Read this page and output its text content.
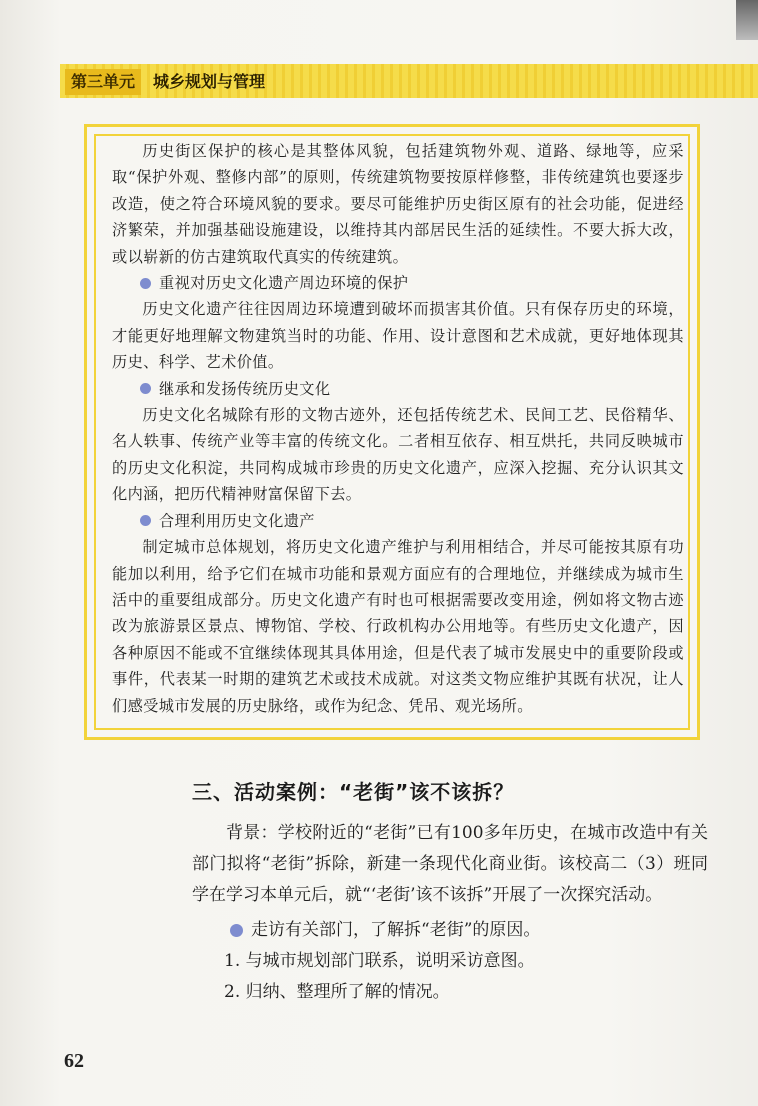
第三单元	城乡规划与管理

历史街区保护的核心是其整体风貌，包括建筑物外观、道路、绿地等，应采取“保护外观、整修内部”的原则，传统建筑物要按原样修整，非传统建筑也要逐步改造，使之符合环境风貌的要求。要尽可能维护历史街区原有的社会功能，促进经济繁荣，并加强基础设施建设，以维持其内部居民生活的延续性。不要大拆大改，或以崭新的仿古建筑取代真实的传统建筑。

重视对历史文化遗产周边环境的保护

历史文化遗产往往因周边环境遭到破坏而损害其价值。只有保存历史的环境，才能更好地理解文物建筑当时的功能、作用、设计意图和艺术成就，更好地体现其历史、科学、艺术价值。

继承和发扬传统历史文化

历史文化名城除有形的文物古迹外，还包括传统艺术、民间工艺、民俗精华、名人轶事、传统产业等丰富的传统文化。二者相互依存、相互烘托，共同反映城市的历史文化积淀，共同构成城市珍贵的历史文化遗产，应深入挖掘、充分认识其文化内涵，把历代精神财富保留下去。

合理利用历史文化遗产

制定城市总体规划，将历史文化遗产维护与利用相结合，并尽可能按其原有功能加以利用，给予它们在城市功能和景观方面应有的合理地位，并继续成为城市生活中的重要组成部分。历史文化遗产有时也可根据需要改变用途，例如将文物古迹改为旅游景区景点、博物馆、学校、行政机构办公用地等。有些历史文化遗产，因各种原因不能或不宜继续体现其具体用途，但是代表了城市发展史中的重要阶段或事件，代表某一时期的建筑艺术或技术成就。对这类文物应维护其既有状况，让人们感受城市发展的历史脉络，或作为纪念、凭吊、观光场所。

三、活动案例：“老街”该不该拆？

背景：学校附近的“老街”已有100多年历史，在城市改造中有关部门拟将“老街”拆除，新建一条现代化商业街。该校高二（3）班同学在学习本单元后，就“‘老街’该不该拆”开展了一次探究活动。

走访有关部门，了解拆“老街”的原因。

1. 与城市规划部门联系，说明采访意图。

2. 归纳、整理所了解的情况。

62
